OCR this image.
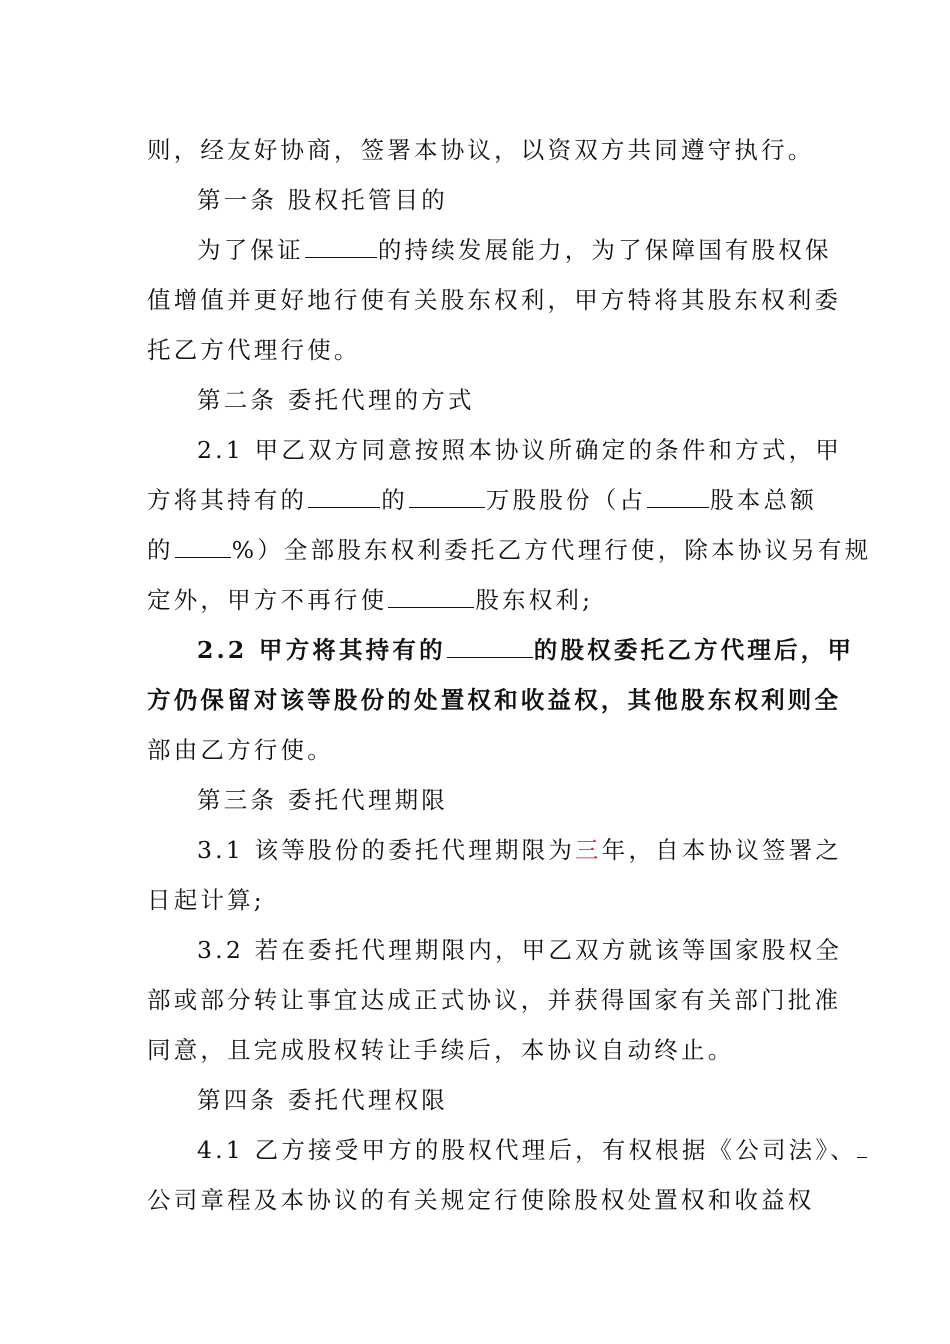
则，经友好协商，签署本协议，以资双方共同遵守执行。
第一条 股权托管目的
为了保证	的持续发展能力，为了保障国有股权保
值增值并更好地行使有关股东权利，甲方特将其股东权利委
托乙方代理行使。
第二条 委托代理的方式
2.1 甲乙双方同意按照本协议所确定的条件和方式，甲
方将其持有的	的	万股股份（占	股本总额
的 %）全部股东权利委托乙方代理行使，除本协议另有规
定外，甲方不再行使	股东权利;
2.2 甲方将其持有的	的股权委托乙方代理后，甲
方仍保留对该等股份的处置权和收益权，其他股东权利则全
部由乙方行使。
第三条 委托代理期限
3.1 该等股份的委托代理期限为三年，自本协议签署之
日起计算;
3.2 若在委托代理期限内，甲乙双方就该等国家股权全
部或部分转让事宜达成正式协议，并获得国家有关部门批准
同意，且完成股权转让手续后，本协议自动终止。
第四条 委托代理权限
4.1 乙方接受甲方的股权代理后，有权根据《公司法》、
公司章程及本协议的有关规定行使除股权处置权和收益权
